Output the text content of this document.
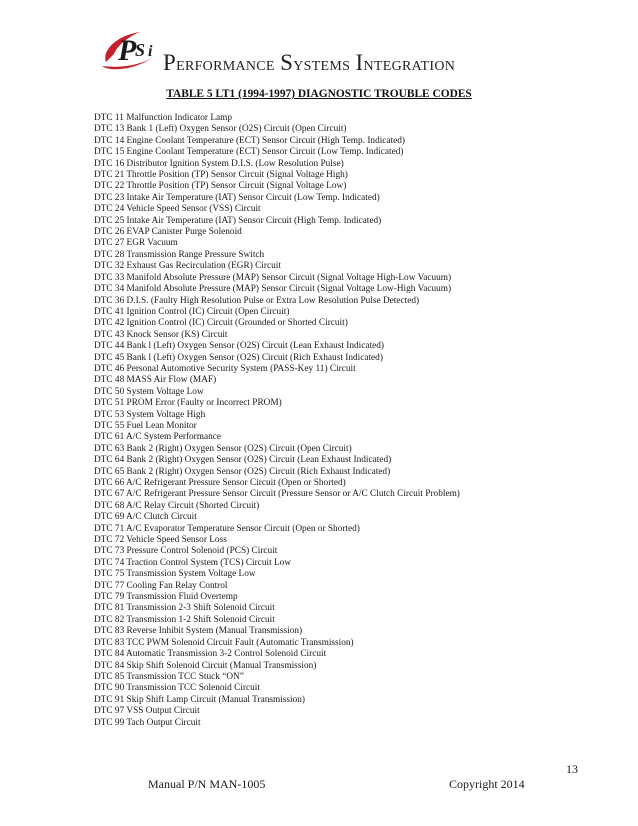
P
S i Performance Systems Integration
TABLE 5 LT1 (1994-1997) DIAGNOSTIC TROUBLE CODES
DTC 11 Malfunction Indicator Lamp
DTC 13 Bank 1 (Left) Oxygen Sensor (O2S) Circuit (Open Circuit)
DTC 14 Engine Coolant Temperature (ECT) Sensor Circuit (High Temp. Indicated)
DTC 15 Engine Coolant Temperature (ECT) Sensor Circuit (Low Temp. Indicated)
DTC 16 Distributor Ignition System D.I.S. (Low Resolution Pulse)
DTC 21 Throttle Position (TP) Sensor Circuit (Signal Voltage High)
DTC 22 Throttle Position (TP) Sensor Circuit (Signal Voltage Low)
DTC 23 Intake Air Temperature (IAT) Sensor Circuit (Low Temp. Indicated)
DTC 24 Vehicle Speed Sensor (VSS) Circuit
DTC 25 Intake Air Temperature (IAT) Sensor Circuit (High Temp. Indicated)
DTC 26 EVAP Canister Purge Solenoid
DTC 27 EGR Vacuum
DTC 28 Transmission Range Pressure Switch
DTC 32 Exhaust Gas Recirculation (EGR) Circuit
DTC 33 Manifold Absolute Pressure (MAP) Sensor Circuit (Signal Voltage High-Low Vacuum)
DTC 34 Manifold Absolute Pressure (MAP) Sensor Circuit (Signal Voltage Low-High Vacuum)
DTC 36 D.I.S. (Faulty High Resolution Pulse or Extra Low Resolution Pulse Detected)
DTC 41 Ignition Control (IC) Circuit (Open Circuit)
DTC 42 Ignition Control (IC) Circuit (Grounded or Shorted Circuit)
DTC 43 Knock Sensor (KS) Circuit
DTC 44 Bank l (Left) Oxygen Sensor (O2S) Circuit (Lean Exhaust Indicated)
DTC 45 Bank l (Left) Oxygen Sensor (O2S) Circuit (Rich Exhaust Indicated)
DTC 46 Personal Automotive Security System (PASS-Key 11) Circuit
DTC 48 MASS Air Flow (MAF)
DTC 50 System Voltage Low
DTC 51 PROM Error (Faulty or Incorrect PROM)
DTC 53 System Voltage High
DTC 55 Fuel Lean Monitor
DTC 61 A/C System Performance
DTC 63 Bank 2 (Right) Oxygen Sensor (O2S) Circuit (Open Circuit)
DTC 64 Bank 2 (Right) Oxygen Sensor (O2S) Circuit (Lean Exhaust Indicated)
DTC 65 Bank 2 (Right) Oxygen Sensor (O2S) Circuit (Rich Exhaust Indicated)
DTC 66 A/C Refrigerant Pressure Sensor Circuit (Open or Shorted)
DTC 67 A/C Refrigerant Pressure Sensor Circuit (Pressure Sensor or A/C Clutch Circuit Problem)
DTC 68 A/C Relay Circuit (Shorted Circuit)
DTC 69 A/C Clutch Circuit
DTC 71 A/C Evaporator Temperature Sensor Circuit (Open or Shorted)
DTC 72 Vehicle Speed Sensor Loss
DTC 73 Pressure Control Solenoid (PCS) Circuit
DTC 74 Traction Control System (TCS) Circuit Low
DTC 75 Transmission System Voltage Low
DTC 77 Cooling Fan Relay Control
DTC 79 Transmission Fluid Overtemp
DTC 81 Transmission 2-3 Shift Solenoid Circuit
DTC 82 Transmission 1-2 Shift Solenoid Circuit
DTC 83 Reverse Inhibit System (Manual Transmission)
DTC 83 TCC PWM Solenoid Circuit Fault (Automatic Transmission)
DTC 84 Automatic Transmission 3-2 Control Solenoid Circuit
DTC 84 Skip Shift Solenoid Circuit (Manual Transmission)
DTC 85 Transmission TCC Stuck “ON”
DTC 90 Transmission TCC Solenoid Circuit
DTC 91 Skip Shift Lamp Circuit (Manual Transmission)
DTC 97 VSS Output Circuit
DTC 99 Tach Output Circuit
13
Manual P/N MAN-1005	Copyright 2014
